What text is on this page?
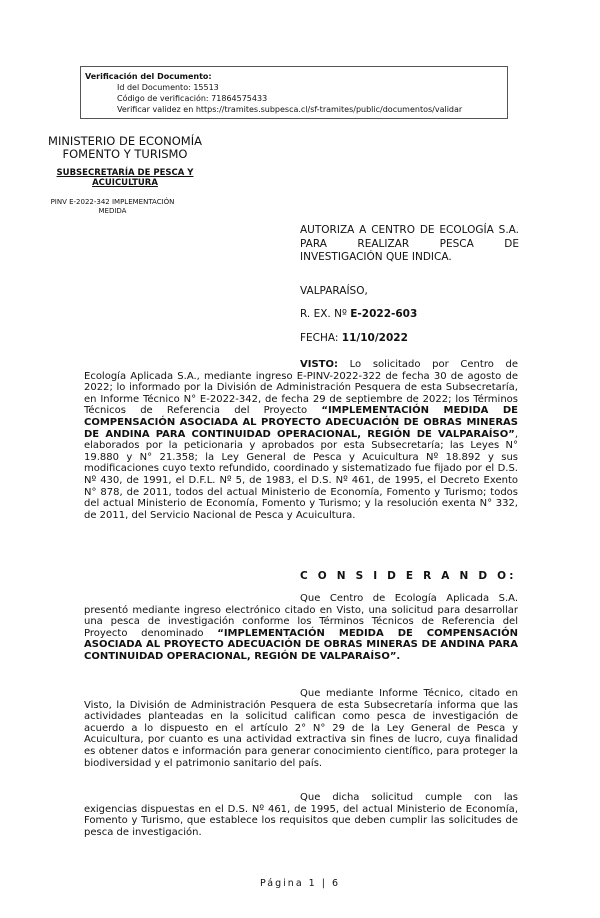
Verificación del Documento:
• Id del Documento: 15513
• Código de verificación: 71864575433
• Verificar validez en https://tramites.subpesca.cl/sf-tramites/public/documentos/validar
MINISTERIO DE ECONOMÍA
FOMENTO Y TURISMO
SUBSECRETARÍA DE PESCA Y ACUICULTURA
PINV E-2022-342 IMPLEMENTACIÓN MEDIDA
AUTORIZA A CENTRO DE ECOLOGÍA S.A. PARA REALIZAR PESCA DE INVESTIGACIÓN QUE INDICA.
VALPARAÍSO,
R. EX. Nº E-2022-603
FECHA: 11/10/2022
VISTO: Lo solicitado por Centro de Ecología Aplicada S.A., mediante ingreso E-PINV-2022-322 de fecha 30 de agosto de 2022; lo informado por la División de Administración Pesquera de esta Subsecretaría, en Informe Técnico N° E-2022-342, de fecha 29 de septiembre de 2022; los Términos Técnicos de Referencia del Proyecto “IMPLEMENTACIÓN MEDIDA DE COMPENSACIÓN ASOCIADA AL PROYECTO ADECUACIÓN DE OBRAS MINERAS DE ANDINA PARA CONTINUIDAD OPERACIONAL, REGIÓN DE VALPARAÍSO”, elaborados por la peticionaria y aprobados por esta Subsecretaría; las Leyes N° 19.880 y N° 21.358; la Ley General de Pesca y Acuicultura Nº 18.892 y sus modificaciones cuyo texto refundido, coordinado y sistematizado fue fijado por el D.S. Nº 430, de 1991, el D.F.L. Nº 5, de 1983, el D.S. Nº 461, de 1995, el Decreto Exento N° 878, de 2011, todos del actual Ministerio de Economía, Fomento y Turismo; todos del actual Ministerio de Economía, Fomento y Turismo; y la resolución exenta N° 332, de 2011, del Servicio Nacional de Pesca y Acuicultura.
C O N S I D E R A N D O:
Que Centro de Ecología Aplicada S.A. presentó mediante ingreso electrónico citado en Visto, una solicitud para desarrollar una pesca de investigación conforme los Términos Técnicos de Referencia del Proyecto denominado “IMPLEMENTACIÓN MEDIDA DE COMPENSACIÓN ASOCIADA AL PROYECTO ADECUACIÓN DE OBRAS MINERAS DE ANDINA PARA CONTINUIDAD OPERACIONAL, REGIÓN DE VALPARAÍSO”.
Que mediante Informe Técnico, citado en Visto, la División de Administración Pesquera de esta Subsecretaría informa que las actividades planteadas en la solicitud califican como pesca de investigación de acuerdo a lo dispuesto en el artículo 2° N° 29 de la Ley General de Pesca y Acuicultura, por cuanto es una actividad extractiva sin fines de lucro, cuya finalidad es obtener datos e información para generar conocimiento científico, para proteger la biodiversidad y el patrimonio sanitario del país.
Que dicha solicitud cumple con las exigencias dispuestas en el D.S. Nº 461, de 1995, del actual Ministerio de Economía, Fomento y Turismo, que establece los requisitos que deben cumplir las solicitudes de pesca de investigación.
Página 1 | 6
